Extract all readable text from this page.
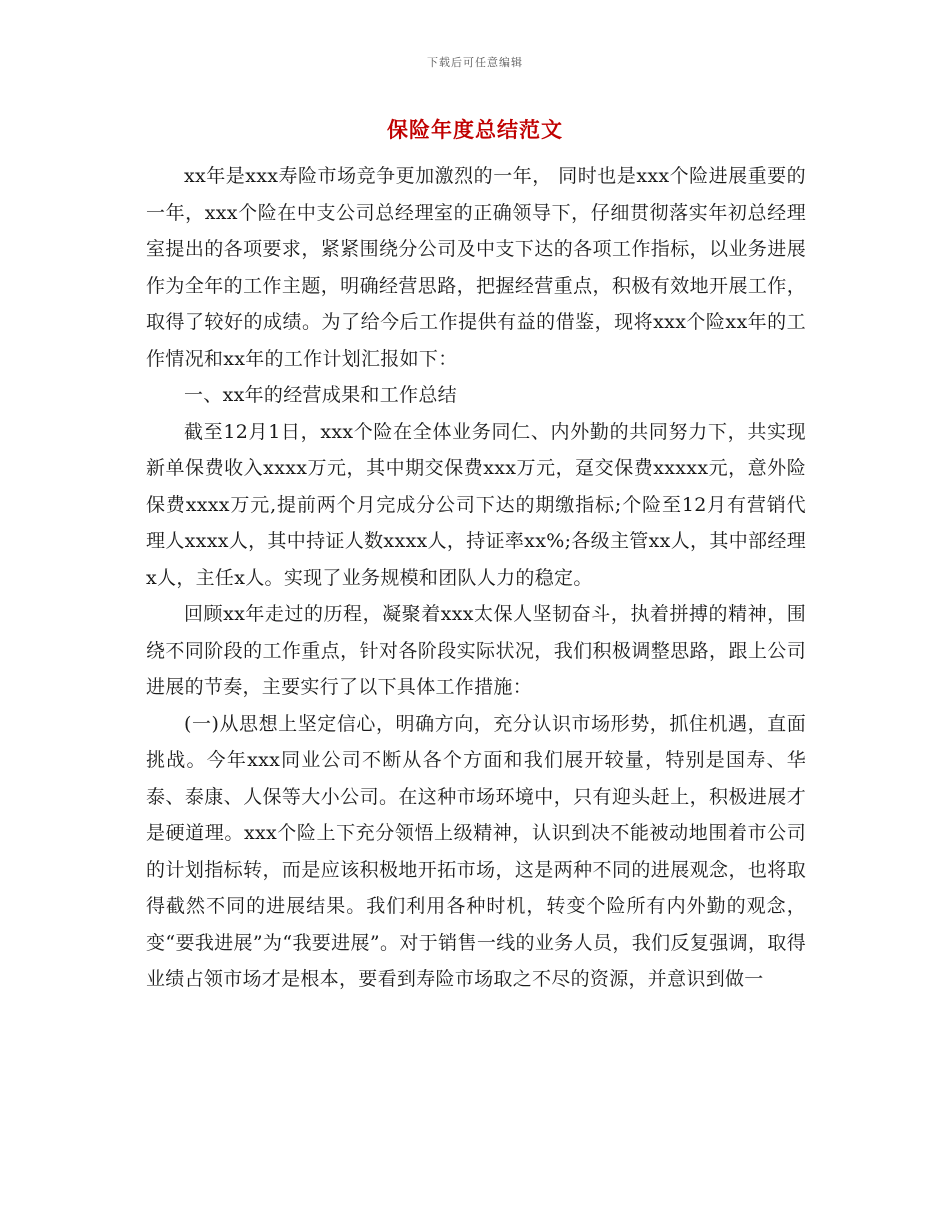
下载后可任意编辑
保险年度总结范文

xx年是xxx寿险市场竞争更加激烈的一年， 同时也是xxx个险进展重要的一年，xxx个险在中支公司总经理室的正确领导下，仔细贯彻落实年初总经理室提出的各项要求，紧紧围绕分公司及中支下达的各项工作指标，以业务进展作为全年的工作主题，明确经营思路，把握经营重点，积极有效地开展工作，取得了较好的成绩。为了给今后工作提供有益的借鉴，现将xxx个险xx年的工作情况和xx年的工作计划汇报如下：

一、xx年的经营成果和工作总结

截至12月1日，xxx个险在全体业务同仁、内外勤的共同努力下，共实现新单保费收入xxxx万元，其中期交保费xxx万元，趸交保费xxxxx元，意外险保费xxxx万元,提前两个月完成分公司下达的期缴指标;个险至12月有营销代理人xxxx人，其中持证人数xxxx人，持证率xx%;各级主管xx人，其中部经理x人，主任x人。实现了业务规模和团队人力的稳定。

回顾xx年走过的历程，凝聚着xxx太保人坚韧奋斗，执着拼搏的精神，围绕不同阶段的工作重点，针对各阶段实际状况，我们积极调整思路，跟上公司进展的节奏，主要实行了以下具体工作措施：

(一)从思想上坚定信心，明确方向，充分认识市场形势，抓住机遇，直面挑战。今年xxx同业公司不断从各个方面和我们展开较量，特别是国寿、华泰、泰康、人保等大小公司。在这种市场环境中，只有迎头赶上，积极进展才是硬道理。xxx个险上下充分领悟上级精神，认识到决不能被动地围着市公司的计划指标转，而是应该积极地开拓市场，这是两种不同的进展观念，也将取得截然不同的进展结果。我们利用各种时机，转变个险所有内外勤的观念，变“要我进展”为“我要进展”。对于销售一线的业务人员，我们反复强调，取得业绩占领市场才是根本，要看到寿险市场取之不尽的资源，并意识到做一
